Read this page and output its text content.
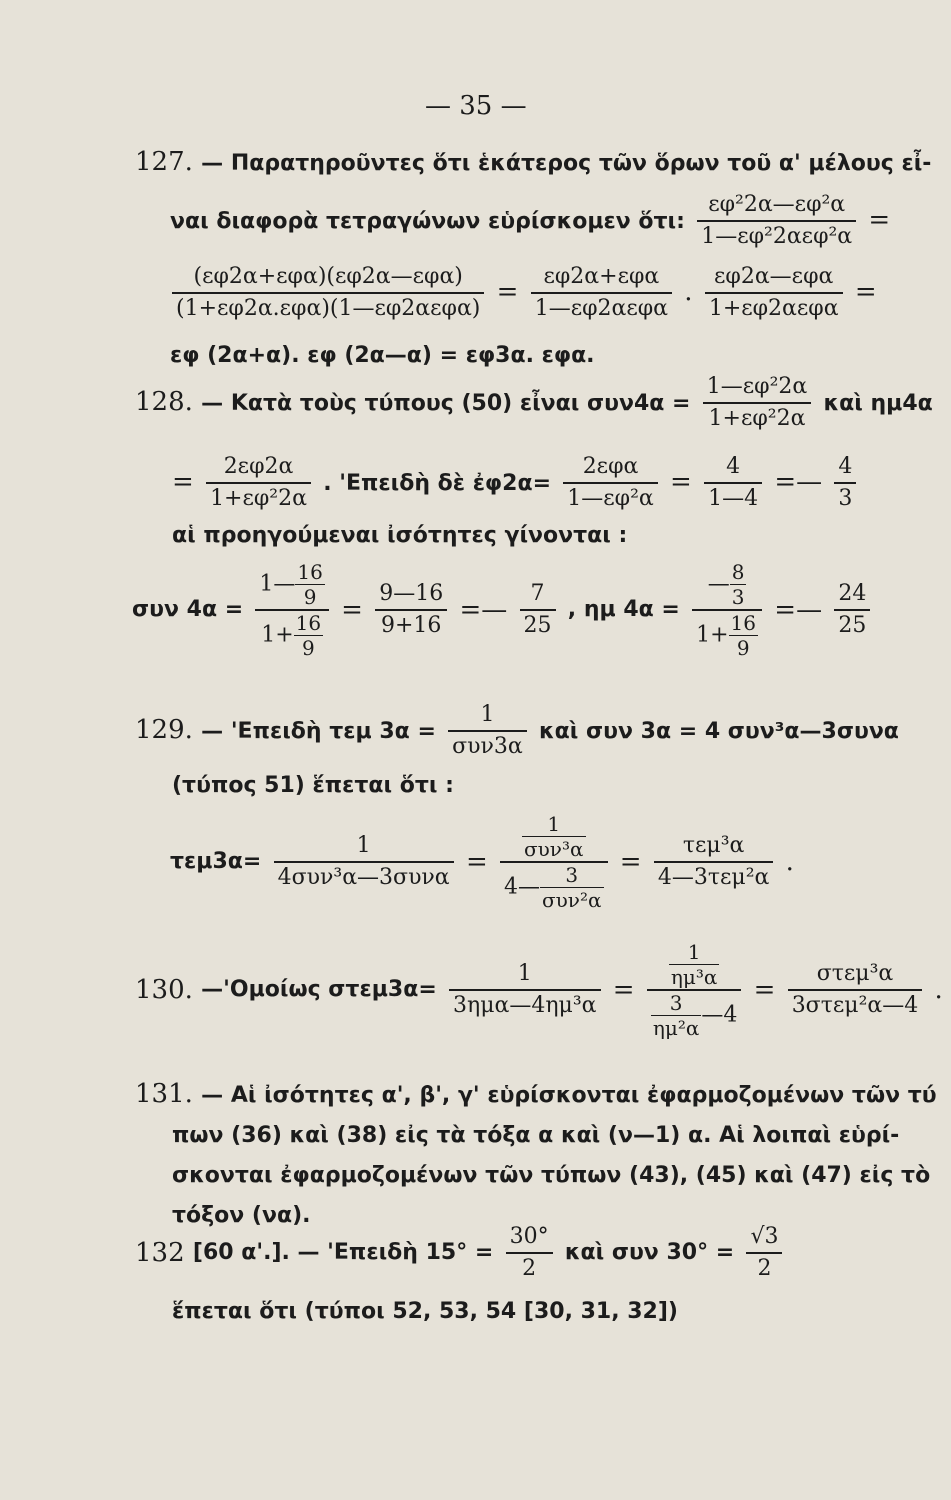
— 35 —
127. — Παρατηροῦντες ὅτι ἑκάτερος τῶν ὅρων τοῦ α' μέλους εἶ-
ναι διαφορὰ τετραγώνων εὑρίσκομεν ὅτι: $\frac{\text{εφ²2α—εφ²α}}{\text{1—εφ²2αεφ²α}}$ =
$\frac{\text{(εφ2α+εφα)(εφ2α—εφα)}}{\text{(1+εφ2α.εφα)(1—εφ2αεφα)}} = \frac{\text{εφ2α+εφα}}{\text{1—εφ2αεφα}}$ . $\frac{\text{εφ2α—εφα}}{\text{1+εφ2αεφα}}$ =
εφ (2α+α). εφ (2α—α) = εφ3α. εφα.
128. — Κατὰ τοὺς τύπους (50) εἶναι $\sigma\upsilon\nu 4\alpha = \frac{\text{1—εφ²2α}}{\text{1+εφ²2α}}$ καὶ ημ4α
= $\frac{2\varepsilon\varphi 2\alpha}{\text{1+εφ²2α}}$ . 'Επειδὴ δὲ ἐφ2α= $\frac{\text{2εφα}}{\text{1—εφ²α}} = \frac{4}{1—4}$ =— $\frac{4}{3}$
αἱ προηγούμεναι ἰσότητες γίνονται :
συν $4\alpha = \frac{1— \frac{16}{9}}{1+ \frac{16}{9}} = \frac{9—16}{9+16}$ =— $\frac{7}{25}$ , ημ $4\alpha = \frac{— \frac{8}{3}}{1+ \frac{16}{9}}$ =— $\frac{24}{25}$
129. — 'Επειδὴ τεμ $3\alpha = \frac{1}{\text{συν3α}}$ καὶ συν 3α = 4 συν³α—3συνα
(τύπος 51) ἕπεται ὅτι :
$\tau\varepsilon\mu 3\alpha= \frac{1}{\text{4συν³α—3συνα}} = \frac{\frac{1}{\text{συν³α}}}{4— \frac{3}{\text{συν²α}}} = \frac{\text{τεμ³α}}{\text{4—3τεμ²α}}$ .
130. —'Ομοίως $\sigma\tau\varepsilon\mu 3\alpha= \frac{1}{\text{3ημα—4ημ³α}} = \frac{\frac{1}{\text{ημ³α}}}{\frac{3}{\text{ημ²α}} —4} = \frac{\text{στεμ³α}}{\text{3στεμ²α—4}}$ .
131. — Αἱ ἰσότητες α', β', γ' εὑρίσκονται ἐφαρμοζομένων τῶν τύ
πων (36) καὶ (38) εἰς τὰ τόξα α καὶ (ν—1) α. Αἱ λοιπαὶ εὑρί-
σκονται ἐφαρμοζομένων τῶν τύπων (43), (45) καὶ (47) εἰς τὸ
τόξον (να).
132 [60 α'.]. — 'Επειδὴ $15^\circ = \frac{30^\circ}{2}$ καὶ συν $30^\circ = \frac{√3}{2}$
ἕπεται ὅτι (τύποι 52, 53, 54 [30, 31, 32])
